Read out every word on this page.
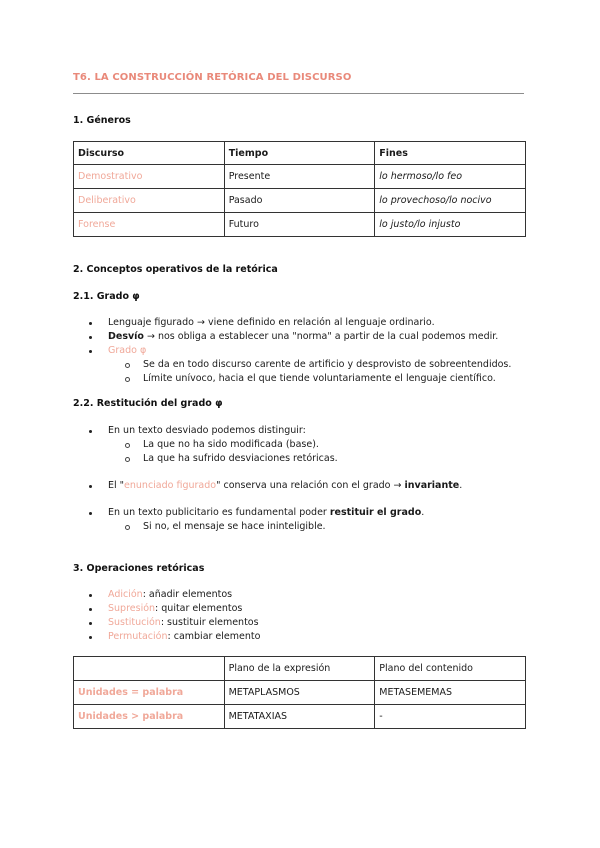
T6. LA CONSTRUCCIÓN RETÓRICA DEL DISCURSO
1. Géneros
Discurso	Tiempo	Fines
Demostrativo	Presente	lo hermoso/lo feo
Deliberativo	Pasado	lo provechoso/lo nocivo
Forense	Futuro	lo justo/lo injusto
2. Conceptos operativos de la retórica
2.1. Grado φ
Lenguaje figurado → viene definido en relación al lenguaje ordinario.
Desvío → nos obliga a establecer una "norma" a partir de la cual podemos medir.
Grado φ
Se da en todo discurso carente de artificio y desprovisto de sobreentendidos.
Límite unívoco, hacia el que tiende voluntariamente el lenguaje científico.
2.2. Restitución del grado φ
En un texto desviado podemos distinguir:
La que no ha sido modificada (base).
La que ha sufrido desviaciones retóricas.
El "enunciado figurado" conserva una relación con el grado → invariante.
En un texto publicitario es fundamental poder restituir el grado.
Si no, el mensaje se hace ininteligible.
3. Operaciones retóricas
Adición: añadir elementos
Supresión: quitar elementos
Sustitución: sustituir elementos
Permutación: cambiar elemento
	Plano de la expresión	Plano del contenido
Unidades = palabra	METAPLASMOS	METASEMEMAS
Unidades > palabra	METATAXIAS	-
